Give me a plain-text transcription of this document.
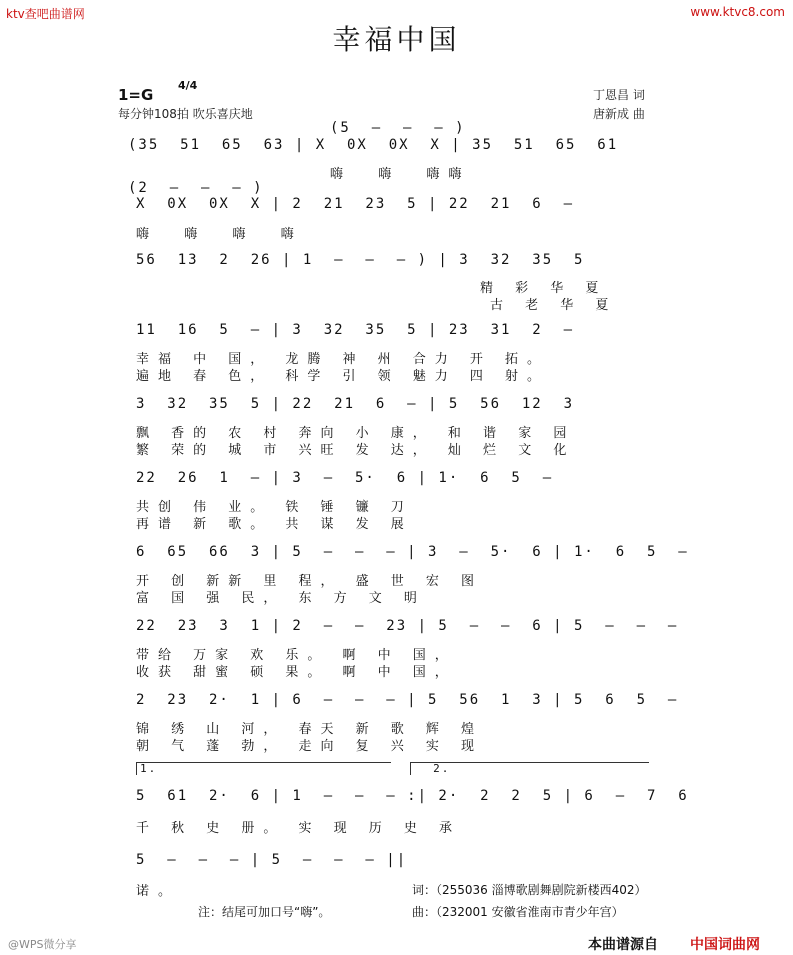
ktv查吧曲谱网	www.ktvc8.com
幸福中国
1=G
4/4
每分钟108拍 吹乐喜庆地
丁恩昌 词
唐新成 曲
(5  —  —  — )
(35  51  65  63 | X  0X  0X  X | 35  51  65  61
嗨  嗨  嗨嗨
(2  —  —  — )
X  0X  0X  X | 2  21  23  5 | 22  21  6  —
嗨  嗨  嗨  嗨
56  13  2  26 | 1  —  —  — ) | 3  32  35  5
精 彩 华 夏
古 老 华 夏
11  16  5  — | 3  32  35  5 | 23  31  2  —
幸福 中 国， 龙腾 神 州 合力 开 拓。
遍地 春 色， 科学 引 领 魅力 四 射。
3  32  35  5 | 22  21  6  — | 5  56  12  3
飘 香的 农 村 奔向 小 康， 和 谐 家 园
繁 荣的 城 市 兴旺 发 达， 灿 烂 文 化
22  26  1  — | 3  —  5·  6 | 1·  6  5  —
共创 伟 业。 铁 锤 镰 刀
再谱 新 歌。 共 谋 发 展
6  65  66  3 | 5  —  —  — | 3  —  5·  6 | 1·  6  5  —
开 创 新新 里 程， 盛 世 宏 图
富 国 强 民， 东 方 文 明
22  23  3  1 | 2  —  —  23 | 5  —  —  6 | 5  —  —  —
带给 万家 欢 乐。 啊 中 国，
收获 甜蜜 硕 果。 啊 中 国，
2  23  2·  1 | 6  —  —  — | 5  56  1  3 | 5  6  5  —
锦 绣 山 河， 春天 新 歌 辉 煌
朝 气 蓬 勃， 走向 复 兴 实 现
1.                                2.
5  61  2·  6 | 1  —  —  — :| 2·  2  2  5 | 6  —  7  6
千 秋 史 册。 实 现 历 史 承
5  —  —  — | 5  —  —  — ||
诺。
注：结尾可加口号“嗨”。
词：（255036 淄博歌剧舞剧院新楼西402）
曲：（232001 安徽省淮南市青少年宫）
@WPS微分享	本曲谱源自 中国词曲网
